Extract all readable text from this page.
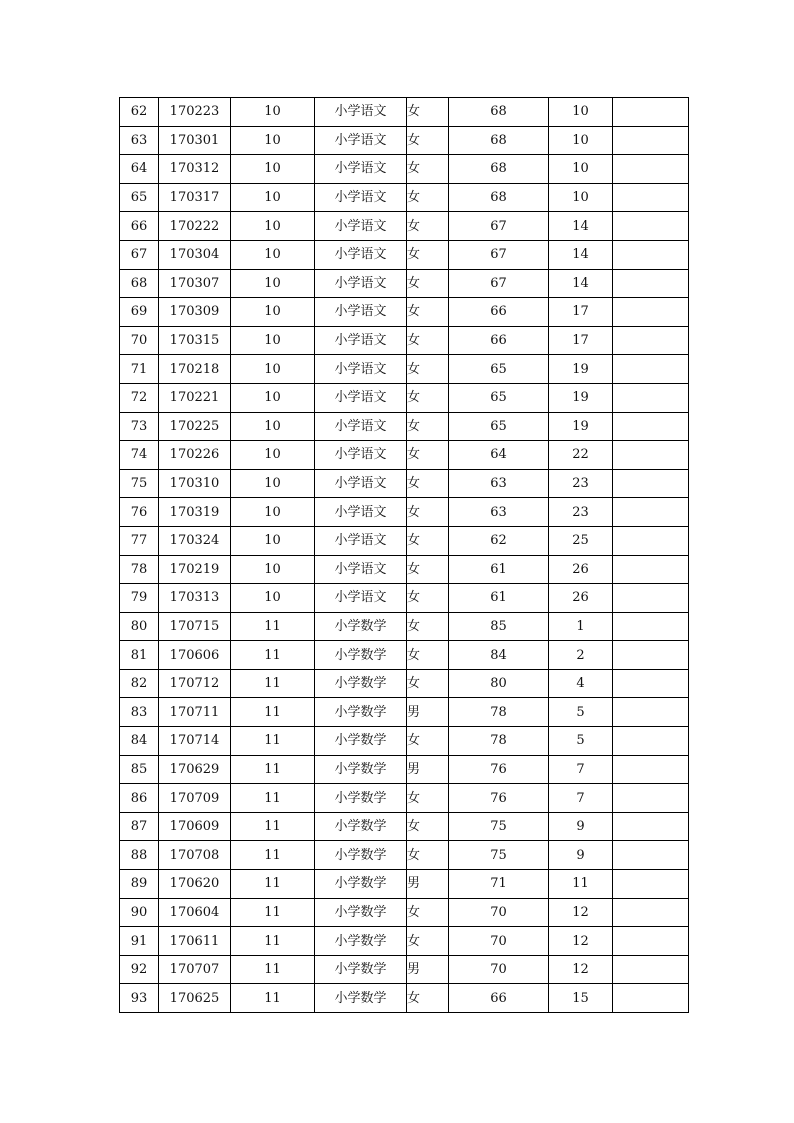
62	170223	10	小学语文	女	68	10	
63	170301	10	小学语文	女	68	10	
64	170312	10	小学语文	女	68	10	
65	170317	10	小学语文	女	68	10	
66	170222	10	小学语文	女	67	14	
67	170304	10	小学语文	女	67	14	
68	170307	10	小学语文	女	67	14	
69	170309	10	小学语文	女	66	17	
70	170315	10	小学语文	女	66	17	
71	170218	10	小学语文	女	65	19	
72	170221	10	小学语文	女	65	19	
73	170225	10	小学语文	女	65	19	
74	170226	10	小学语文	女	64	22	
75	170310	10	小学语文	女	63	23	
76	170319	10	小学语文	女	63	23	
77	170324	10	小学语文	女	62	25	
78	170219	10	小学语文	女	61	26	
79	170313	10	小学语文	女	61	26	
80	170715	11	小学数学	女	85	1	
81	170606	11	小学数学	女	84	2	
82	170712	11	小学数学	女	80	4	
83	170711	11	小学数学	男	78	5	
84	170714	11	小学数学	女	78	5	
85	170629	11	小学数学	男	76	7	
86	170709	11	小学数学	女	76	7	
87	170609	11	小学数学	女	75	9	
88	170708	11	小学数学	女	75	9	
89	170620	11	小学数学	男	71	11	
90	170604	11	小学数学	女	70	12	
91	170611	11	小学数学	女	70	12	
92	170707	11	小学数学	男	70	12	
93	170625	11	小学数学	女	66	15	
